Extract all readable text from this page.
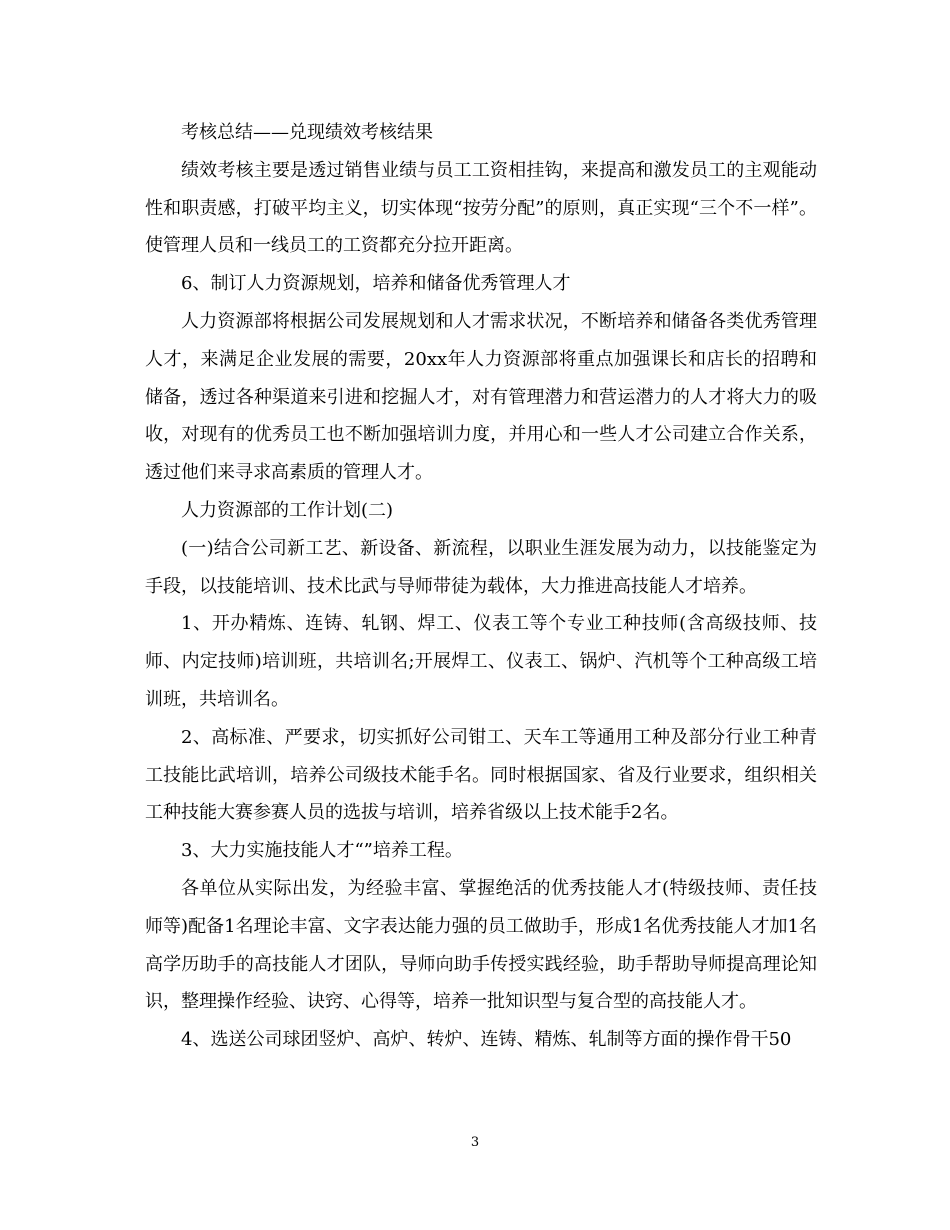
考核总结——兑现绩效考核结果

绩效考核主要是透过销售业绩与员工工资相挂钩，来提高和激发员工的主观能动性和职责感，打破平均主义，切实体现“按劳分配”的原则，真正实现“三个不一样”。使管理人员和一线员工的工资都充分拉开距离。

6、制订人力资源规划，培养和储备优秀管理人才

人力资源部将根据公司发展规划和人才需求状况，不断培养和储备各类优秀管理人才，来满足企业发展的需要，20xx年人力资源部将重点加强课长和店长的招聘和储备，透过各种渠道来引进和挖掘人才，对有管理潜力和营运潜力的人才将大力的吸收，对现有的优秀员工也不断加强培训力度，并用心和一些人才公司建立合作关系，透过他们来寻求高素质的管理人才。

人力资源部的工作计划(二)

(一)结合公司新工艺、新设备、新流程，以职业生涯发展为动力，以技能鉴定为手段，以技能培训、技术比武与导师带徒为载体，大力推进高技能人才培养。

1、开办精炼、连铸、轧钢、焊工、仪表工等个专业工种技师(含高级技师、技师、内定技师)培训班，共培训名;开展焊工、仪表工、锅炉、汽机等个工种高级工培训班，共培训名。

2、高标准、严要求，切实抓好公司钳工、天车工等通用工种及部分行业工种青工技能比武培训，培养公司级技术能手名。同时根据国家、省及行业要求，组织相关工种技能大赛参赛人员的选拔与培训，培养省级以上技术能手2名。

3、大力实施技能人才“”培养工程。

各单位从实际出发，为经验丰富、掌握绝活的优秀技能人才(特级技师、责任技师等)配备1名理论丰富、文字表达能力强的员工做助手，形成1名优秀技能人才加1名高学历助手的高技能人才团队，导师向助手传授实践经验，助手帮助导师提高理论知识，整理操作经验、诀窍、心得等，培养一批知识型与复合型的高技能人才。

4、选送公司球团竖炉、高炉、转炉、连铸、精炼、轧制等方面的操作骨干50

3
